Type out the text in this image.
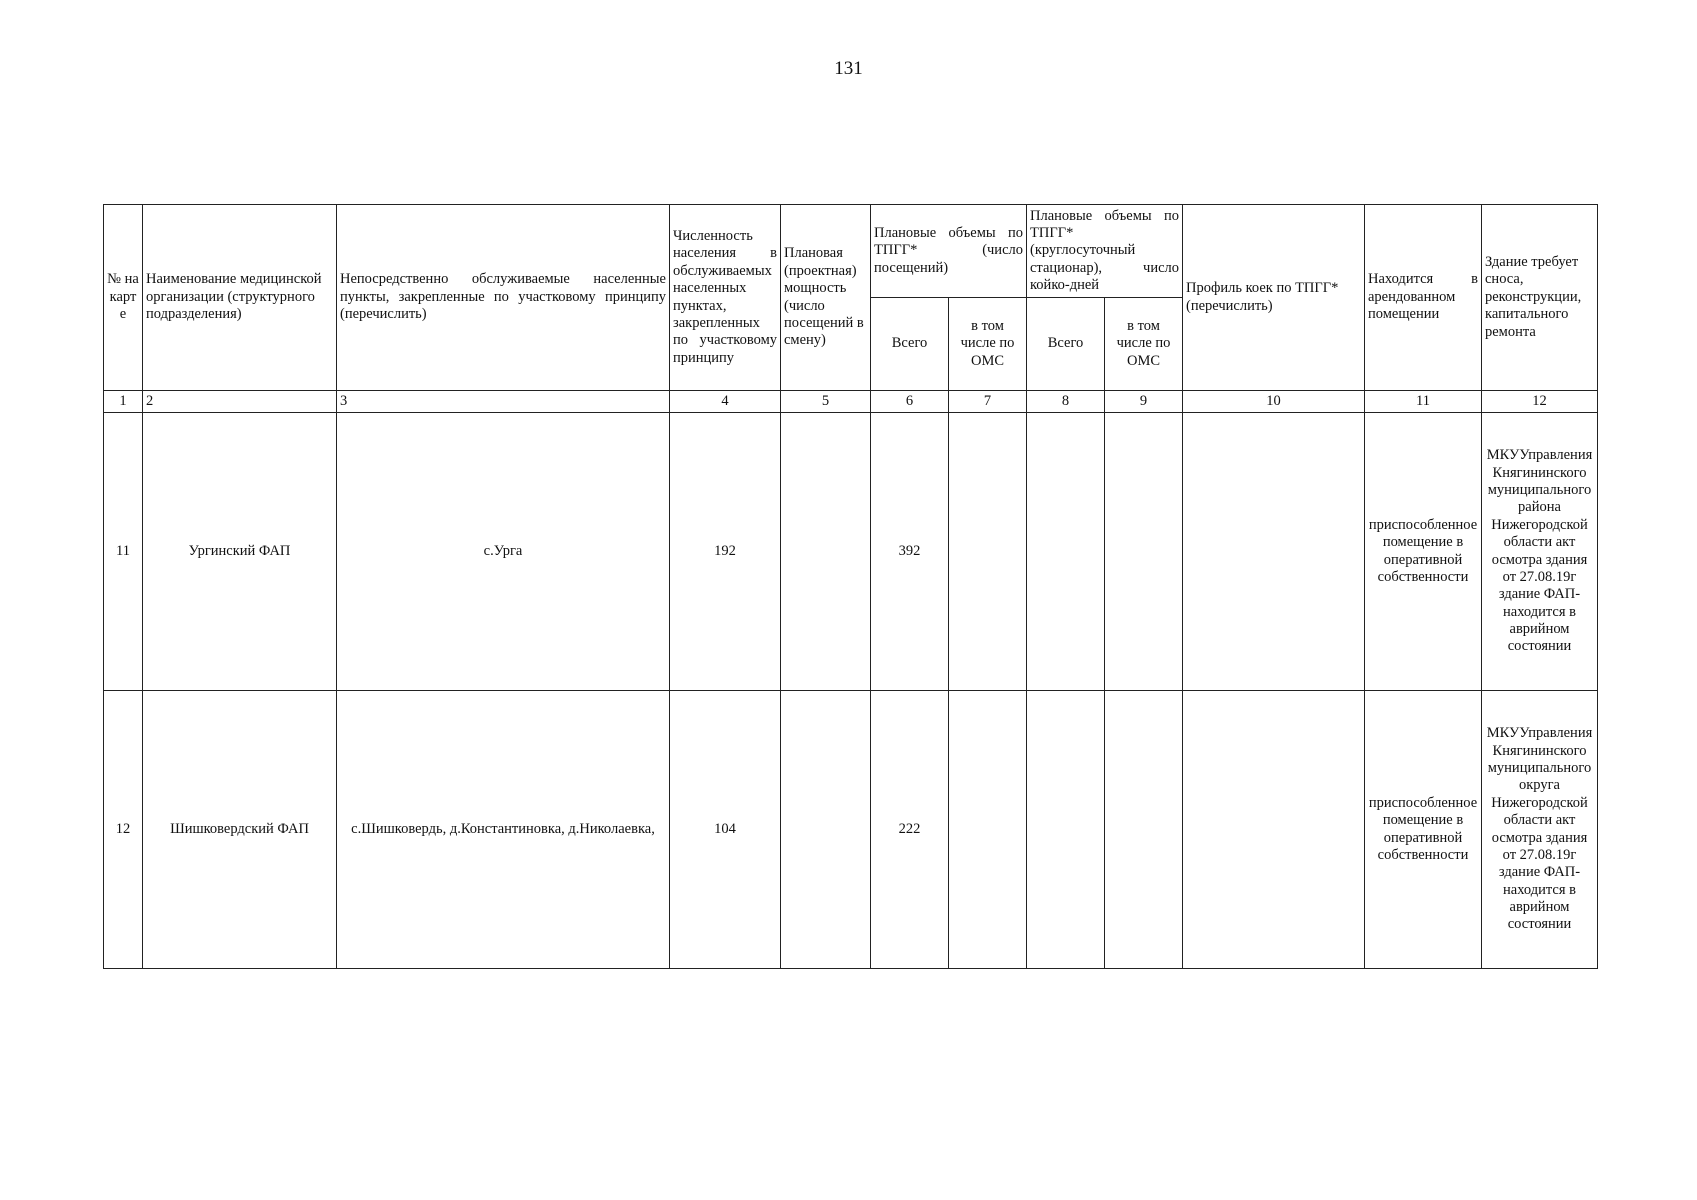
131
№ на карте	Наименование медицинской организации (структурного подразделения)	Непосредственно обслуживаемые населенные пункты, закрепленные по участковому принципу (перечислить)	Численность населения в обслуживаемых населенных пунктах, закрепленных по участковому принципу	Плановая (проектная) мощность (число посещений в смену)	Плановые объемы по ТПГГ* (число посещений)		Плановые объемы по ТПГГ* (круглосуточный стационар), число койко-дней		Профиль коек по ТПГГ* (перечислить)	Находится в арендованном помещении	Здание требует сноса, реконструкции, капитального ремонта
					Всего	в том числе по ОМС	Всего	в том числе по ОМС			
1	2	3	4	5	6	7	8	9	10	11	12
11	Ургинский ФАП	с.Урга	192		392					приспособленное помещение в оперативной собственности	МКУУправления Княгининского муниципального района Нижегородской области акт осмотра здания от 27.08.19г здание ФАП-находится в аврийном состоянии
12	Шишковердский ФАП	с.Шишковердь, д.Константиновка, д.Николаевка,	104		222					приспособленное помещение в оперативной собственности	МКУУправления Княгининского муниципального округа Нижегородской области акт осмотра здания от 27.08.19г здание ФАП-находится в аврийном состоянии
